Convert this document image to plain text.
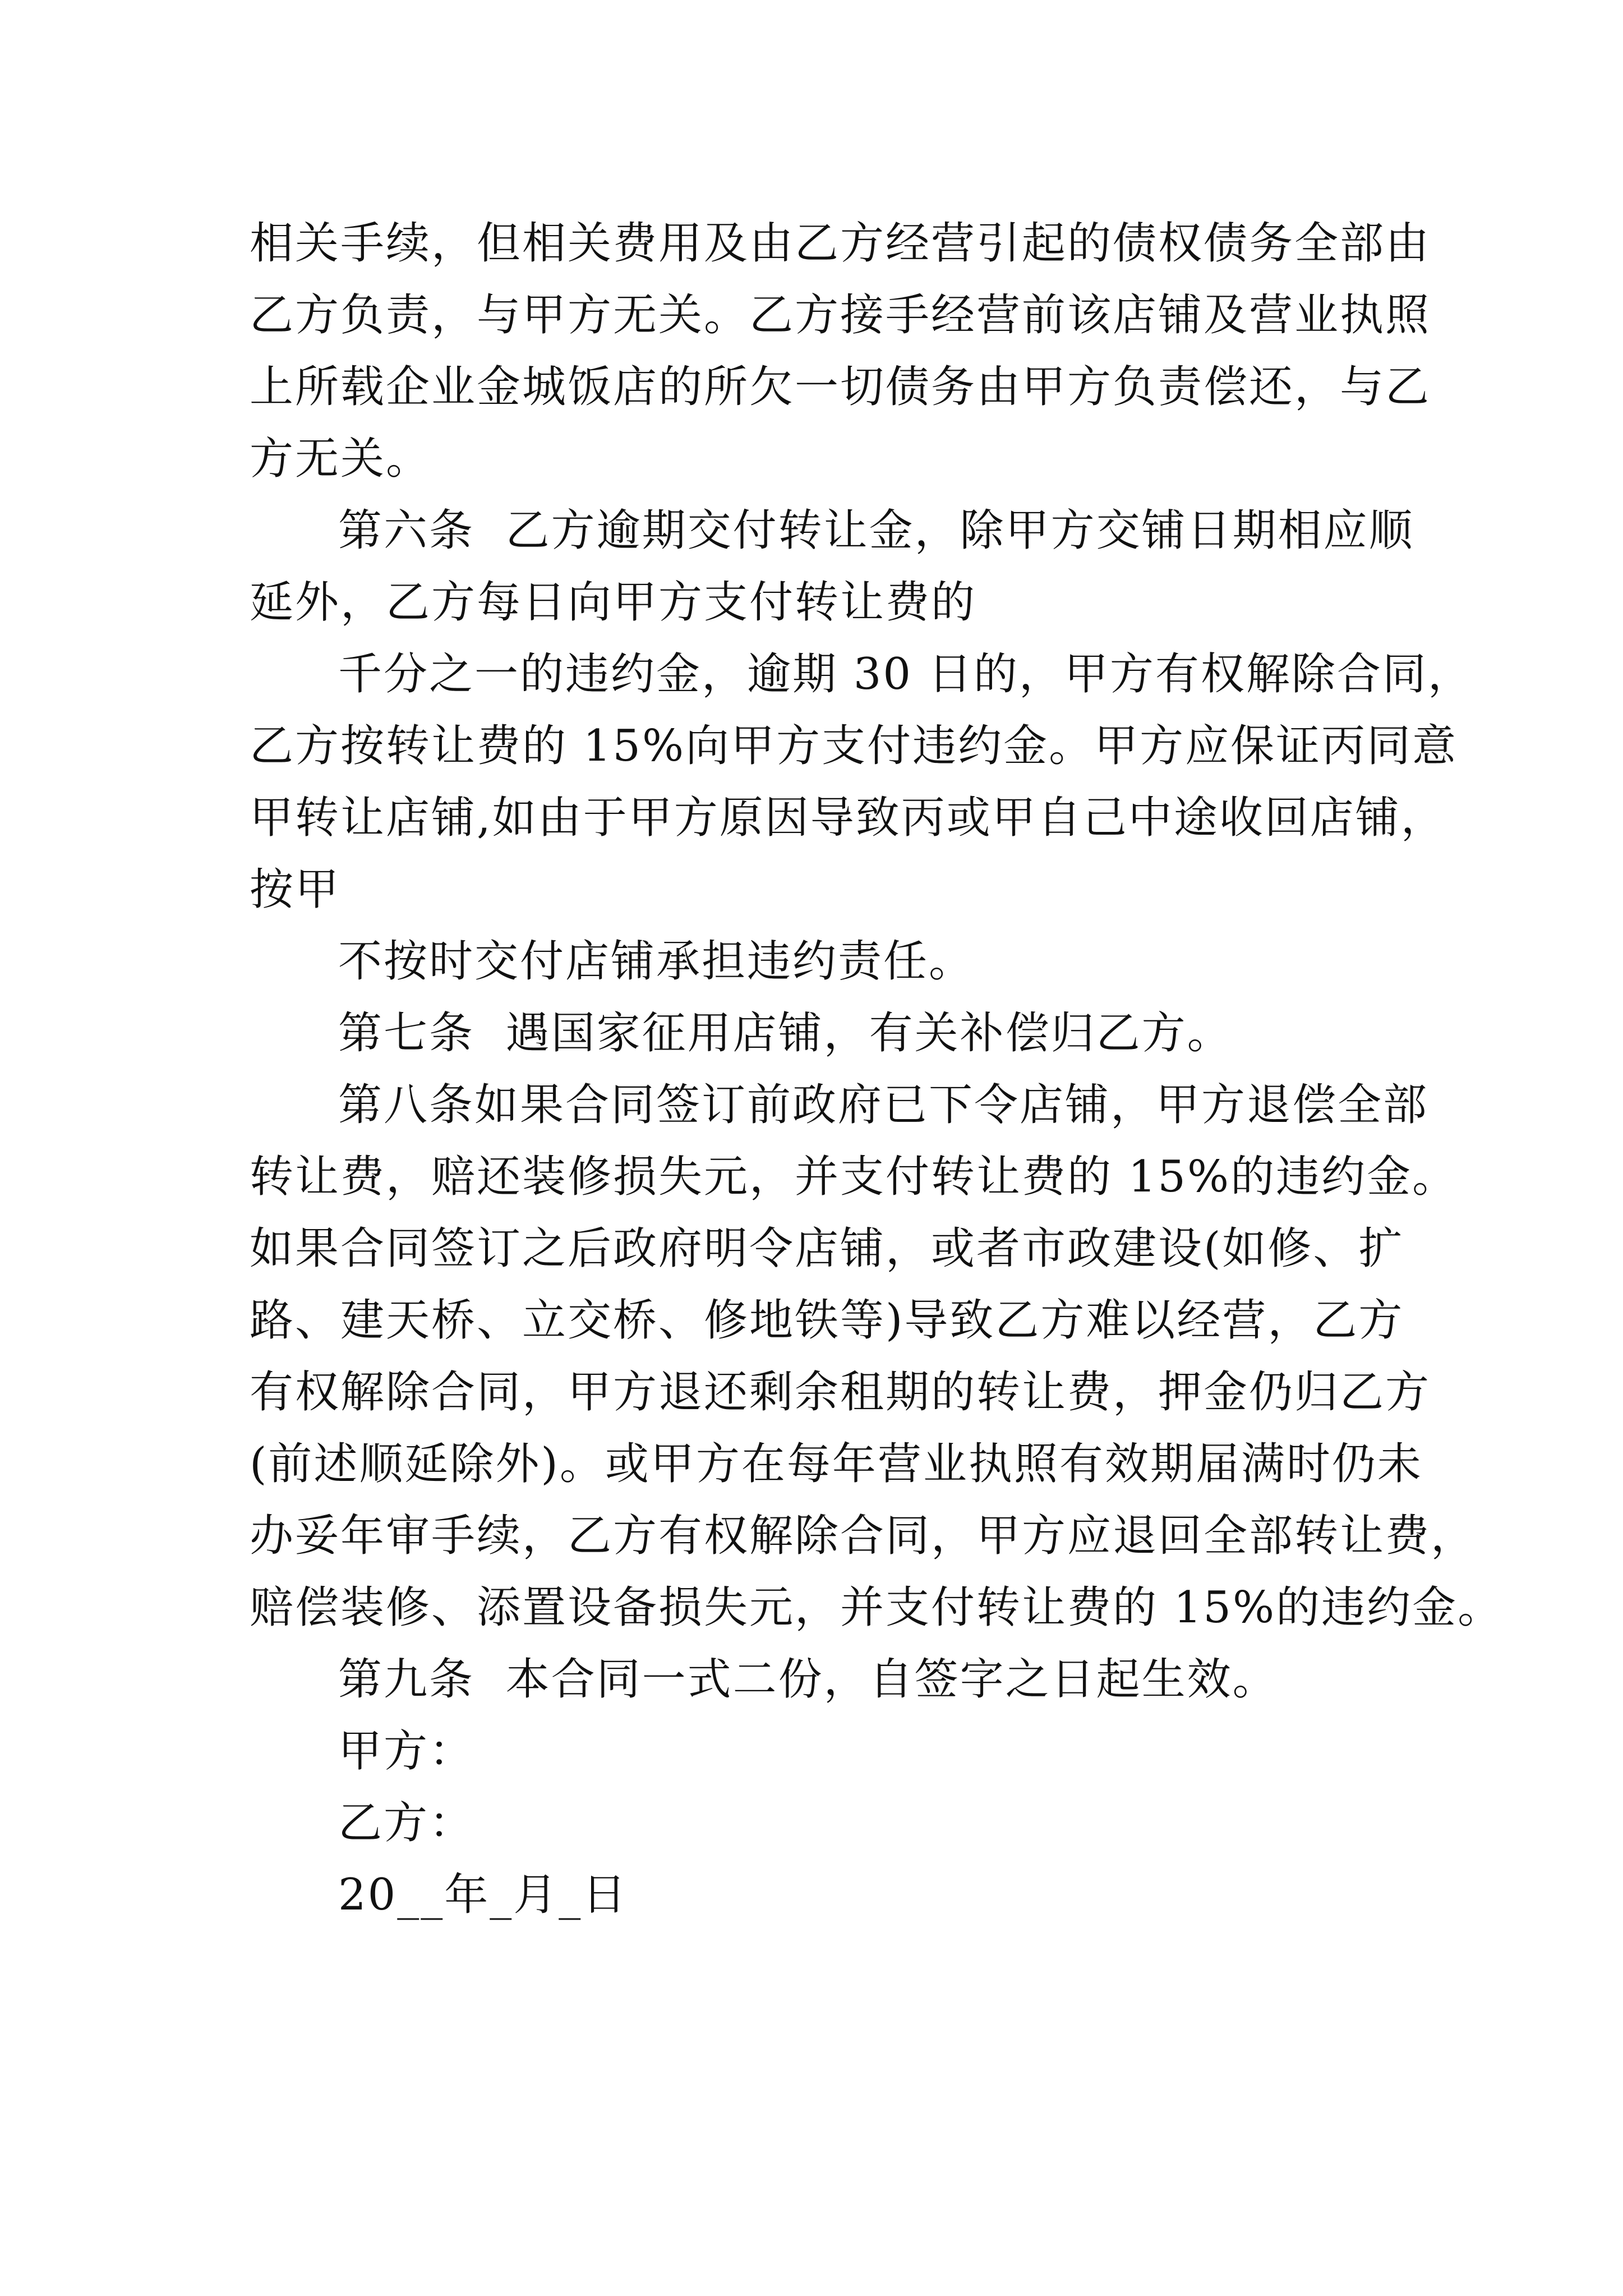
相关手续，但相关费用及由乙方经营引起的债权债务全部由
乙方负责，与甲方无关。乙方接手经营前该店铺及营业执照
上所载企业金城饭店的所欠一切债务由甲方负责偿还，与乙
方无关。
第六条  乙方逾期交付转让金，除甲方交铺日期相应顺
延外，乙方每日向甲方支付转让费的
千分之一的违约金，逾期 30 日的，甲方有权解除合同，
乙方按转让费的 15%向甲方支付违约金。甲方应保证丙同意
甲转让店铺,如由于甲方原因导致丙或甲自己中途收回店铺，
按甲
不按时交付店铺承担违约责任。
第七条  遇国家征用店铺，有关补偿归乙方。
第八条如果合同签订前政府已下令店铺，甲方退偿全部
转让费，赔还装修损失元，并支付转让费的 15%的违约金。
如果合同签订之后政府明令店铺，或者市政建设(如修、扩
路、建天桥、立交桥、修地铁等)导致乙方难以经营，乙方
有权解除合同，甲方退还剩余租期的转让费，押金仍归乙方
(前述顺延除外)。或甲方在每年营业执照有效期届满时仍未
办妥年审手续，乙方有权解除合同，甲方应退回全部转让费，
赔偿装修、添置设备损失元，并支付转让费的 15%的违约金。
第九条  本合同一式二份，自签字之日起生效。
甲方：
乙方：
20__年_月_日
